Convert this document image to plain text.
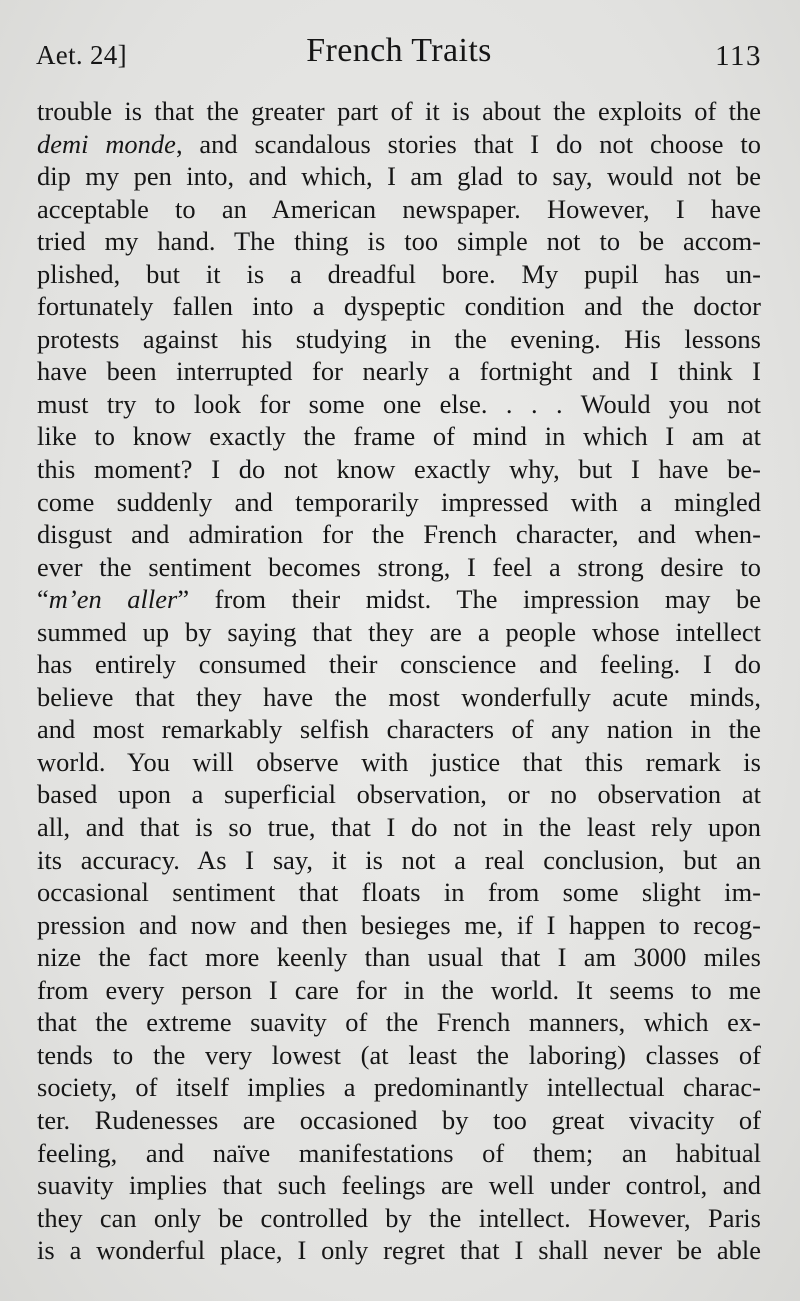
Aet. 24]	French Traits	113
trouble is that the greater part of it is about the exploits of the
demi monde, and scandalous stories that I do not choose to
dip my pen into, and which, I am glad to say, would not be
acceptable to an American newspaper. However, I have
tried my hand. The thing is too simple not to be accom-
plished, but it is a dreadful bore. My pupil has un-
fortunately fallen into a dyspeptic condition and the doctor
protests against his studying in the evening. His lessons
have been interrupted for nearly a fortnight and I think I
must try to look for some one else. . . . Would you not
like to know exactly the frame of mind in which I am at
this moment? I do not know exactly why, but I have be-
come suddenly and temporarily impressed with a mingled
disgust and admiration for the French character, and when-
ever the sentiment becomes strong, I feel a strong desire to
“m’en aller” from their midst. The impression may be
summed up by saying that they are a people whose intellect
has entirely consumed their conscience and feeling. I do
believe that they have the most wonderfully acute minds,
and most remarkably selfish characters of any nation in the
world. You will observe with justice that this remark is
based upon a superficial observation, or no observation at
all, and that is so true, that I do not in the least rely upon
its accuracy. As I say, it is not a real conclusion, but an
occasional sentiment that floats in from some slight im-
pression and now and then besieges me, if I happen to recog-
nize the fact more keenly than usual that I am 3000 miles
from every person I care for in the world. It seems to me
that the extreme suavity of the French manners, which ex-
tends to the very lowest (at least the laboring) classes of
society, of itself implies a predominantly intellectual charac-
ter. Rudenesses are occasioned by too great vivacity of
feeling, and naïve manifestations of them; an habitual
suavity implies that such feelings are well under control, and
they can only be controlled by the intellect. However, Paris
is a wonderful place, I only regret that I shall never be able
